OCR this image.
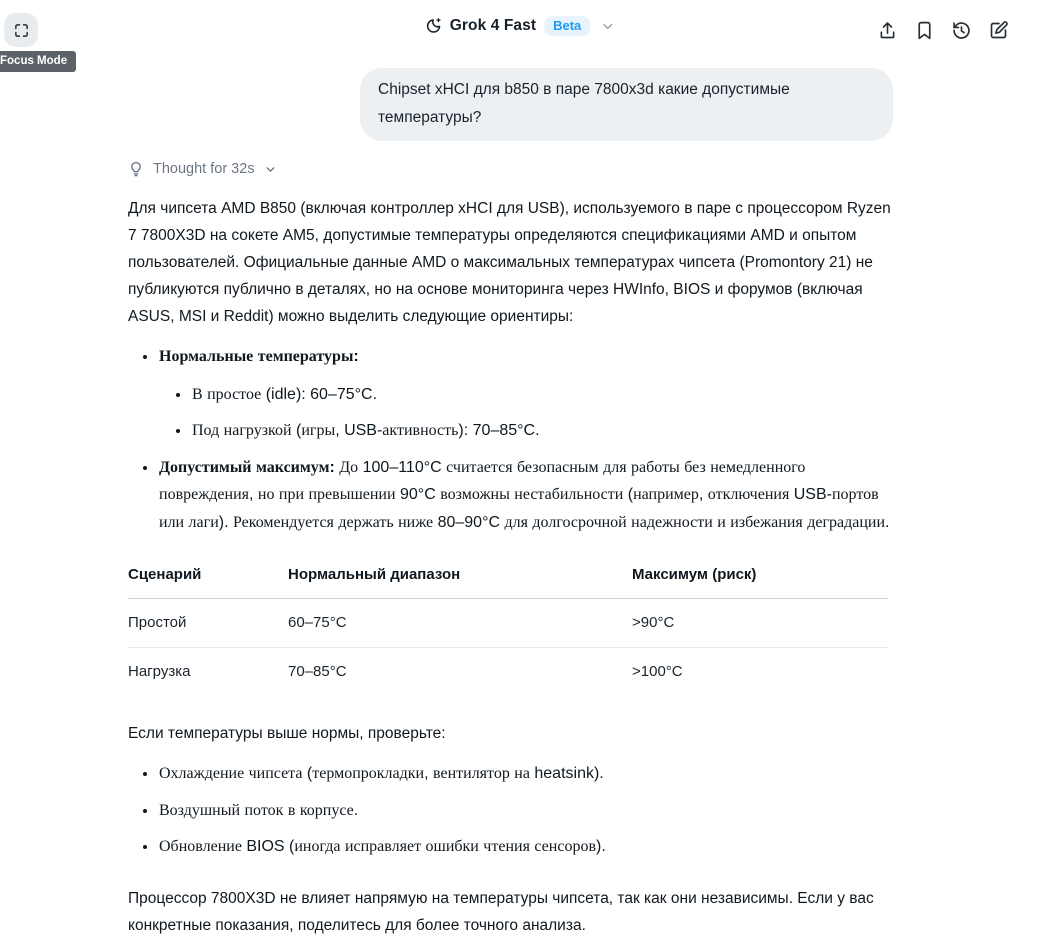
Focus Mode
Grok 4 Fast	Beta
Chipset xHCI для b850 в паре 7800x3d какие допустимые температуры?
Thought for 32s

Для чипсета AMD B850 (включая контроллер xHCI для USB), используемого в паре с процессором Ryzen 7 7800X3D на сокете AM5, допустимые температуры определяются спецификациями AMD и опытом пользователей. Официальные данные AMD о максимальных температурах чипсета (Promontory 21) не публикуются публично в деталях, но на основе мониторинга через HWInfo, BIOS и форумов (включая ASUS, MSI и Reddit) можно выделить следующие ориентиры:

• Нормальные температуры:
• В простое (idle): 60–75°C.
• Под нагрузкой (игры, USB-активность): 70–85°C.
• Допустимый максимум: До 100–110°C считается безопасным для работы без немедленного повреждения, но при превышении 90°C возможны нестабильности (например, отключения USB-портов или лаги). Рекомендуется держать ниже 80–90°C для долгосрочной надежности и избежания деградации.
Сценарий	Нормальный диапазон	Максимум (риск)
Простой	60–75°C	>90°C
Нагрузка	70–85°C	>100°C

Если температуры выше нормы, проверьте:

• Охлаждение чипсета (термопрокладки, вентилятор на heatsink).
• Воздушный поток в корпусе.
• Обновление BIOS (иногда исправляет ошибки чтения сенсоров).

Процессор 7800X3D не влияет напрямую на температуры чипсета, так как они независимы. Если у вас конкретные показания, поделитесь для более точного анализа.
